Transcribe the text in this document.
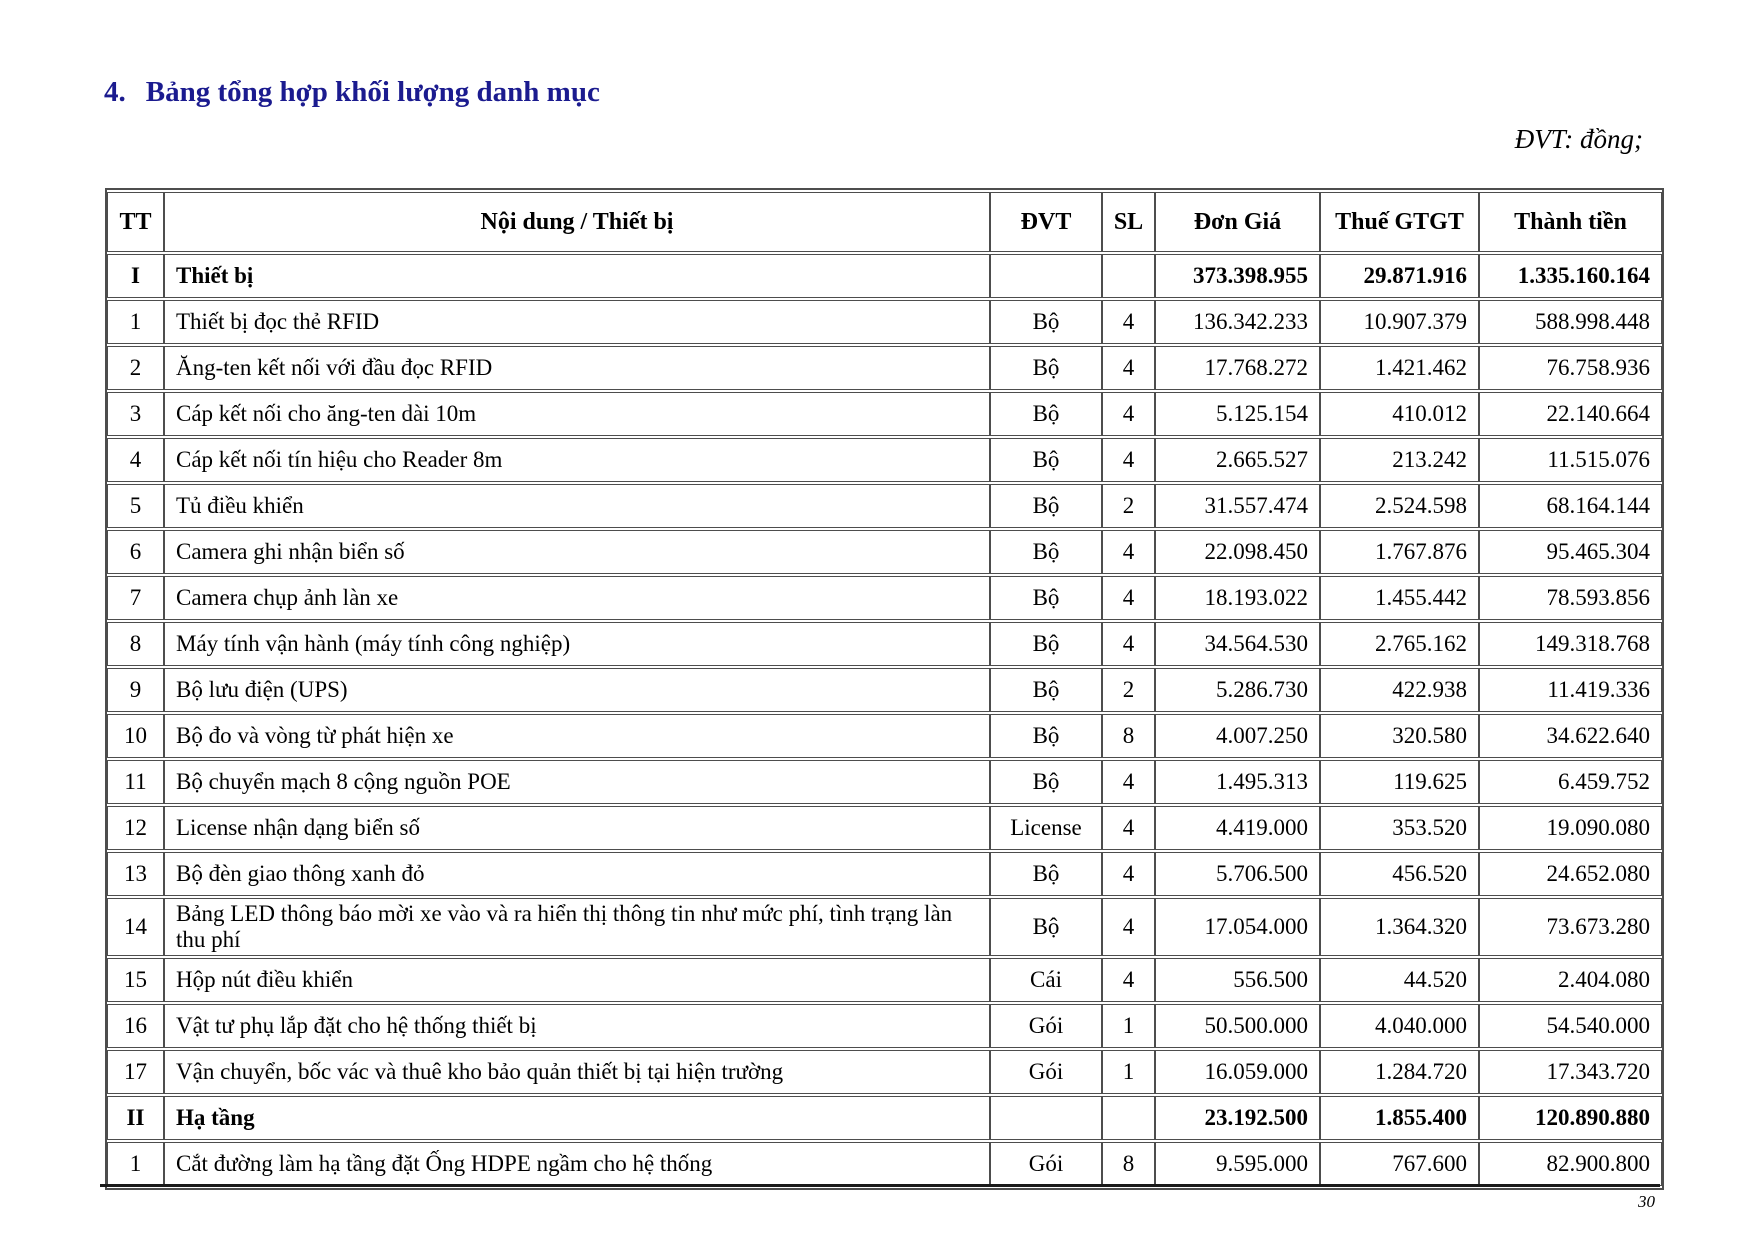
4. Bảng tổng hợp khối lượng danh mục
ĐVT: đồng;
TT	Nội dung / Thiết bị	ĐVT	SL	Đơn Giá	Thuế GTGT	Thành tiền
I	Thiết bị			373.398.955	29.871.916	1.335.160.164
1	Thiết bị đọc thẻ RFID	Bộ	4	136.342.233	10.907.379	588.998.448
2	Ăng-ten kết nối với đầu đọc RFID	Bộ	4	17.768.272	1.421.462	76.758.936
3	Cáp kết nối cho ăng-ten dài 10m	Bộ	4	5.125.154	410.012	22.140.664
4	Cáp kết nối tín hiệu cho Reader 8m	Bộ	4	2.665.527	213.242	11.515.076
5	Tủ điều khiển	Bộ	2	31.557.474	2.524.598	68.164.144
6	Camera ghi nhận biển số	Bộ	4	22.098.450	1.767.876	95.465.304
7	Camera chụp ảnh làn xe	Bộ	4	18.193.022	1.455.442	78.593.856
8	Máy tính vận hành (máy tính công nghiệp)	Bộ	4	34.564.530	2.765.162	149.318.768
9	Bộ lưu điện (UPS)	Bộ	2	5.286.730	422.938	11.419.336
10	Bộ đo và vòng từ phát hiện xe	Bộ	8	4.007.250	320.580	34.622.640
11	Bộ chuyển mạch 8 cộng nguồn POE	Bộ	4	1.495.313	119.625	6.459.752
12	License nhận dạng biển số	License	4	4.419.000	353.520	19.090.080
13	Bộ đèn giao thông xanh đỏ	Bộ	4	5.706.500	456.520	24.652.080
14	Bảng LED thông báo mời xe vào và ra hiển thị thông tin như mức phí, tình trạng làn thu phí	Bộ	4	17.054.000	1.364.320	73.673.280
15	Hộp nút điều khiển	Cái	4	556.500	44.520	2.404.080
16	Vật tư phụ lắp đặt cho hệ thống thiết bị	Gói	1	50.500.000	4.040.000	54.540.000
17	Vận chuyển, bốc vác và thuê kho bảo quản thiết bị tại hiện trường	Gói	1	16.059.000	1.284.720	17.343.720
II	Hạ tầng			23.192.500	1.855.400	120.890.880
1	Cắt đường làm hạ tầng đặt Ống HDPE ngầm cho hệ thống	Gói	8	9.595.000	767.600	82.900.800
30
